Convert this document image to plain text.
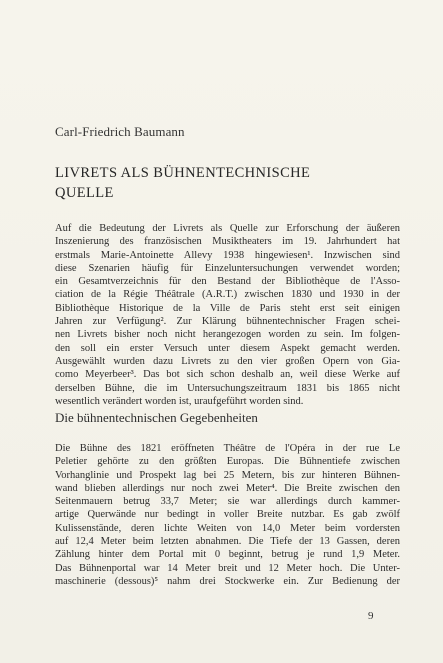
Carl-Friedrich Baumann
LIVRETS ALS BÜHNENTECHNISCHE
QUELLE
Auf die Bedeutung der Livrets als Quelle zur Erforschung der äußeren
Inszenierung des französischen Musiktheaters im 19. Jahrhundert hat
erstmals Marie-Antoinette Allevy 1938 hingewiesen¹. Inzwischen sind
diese Szenarien häufig für Einzeluntersuchungen verwendet worden;
ein Gesamtverzeichnis für den Bestand der Bibliothèque de l'Asso-
ciation de la Régie Théâtrale (A.R.T.) zwischen 1830 und 1930 in der
Bibliothèque Historique de la Ville de Paris steht erst seit einigen
Jahren zur Verfügung². Zur Klärung bühnentechnischer Fragen schei-
nen Livrets bisher noch nicht herangezogen worden zu sein. Im folgen-
den soll ein erster Versuch unter diesem Aspekt gemacht werden.
Ausgewählt wurden dazu Livrets zu den vier großen Opern von Gia-
como Meyerbeer³. Das bot sich schon deshalb an, weil diese Werke auf
derselben Bühne, die im Untersuchungszeitraum 1831 bis 1865 nicht
wesentlich verändert worden ist, uraufgeführt worden sind.
Die bühnentechnischen Gegebenheiten
Die Bühne des 1821 eröffneten Théâtre de l'Opéra in der rue Le
Peletier gehörte zu den größten Europas. Die Bühnentiefe zwischen
Vorhanglinie und Prospekt lag bei 25 Metern, bis zur hinteren Bühnen-
wand blieben allerdings nur noch zwei Meter⁴. Die Breite zwischen den
Seitenmauern betrug 33,7 Meter; sie war allerdings durch kammer-
artige Querwände nur bedingt in voller Breite nutzbar. Es gab zwölf
Kulissenstände, deren lichte Weiten von 14,0 Meter beim vordersten
auf 12,4 Meter beim letzten abnahmen. Die Tiefe der 13 Gassen, deren
Zählung hinter dem Portal mit 0 beginnt, betrug je rund 1,9 Meter.
Das Bühnenportal war 14 Meter breit und 12 Meter hoch. Die Unter-
maschinerie (dessous)⁵ nahm drei Stockwerke ein. Zur Bedienung der
9
